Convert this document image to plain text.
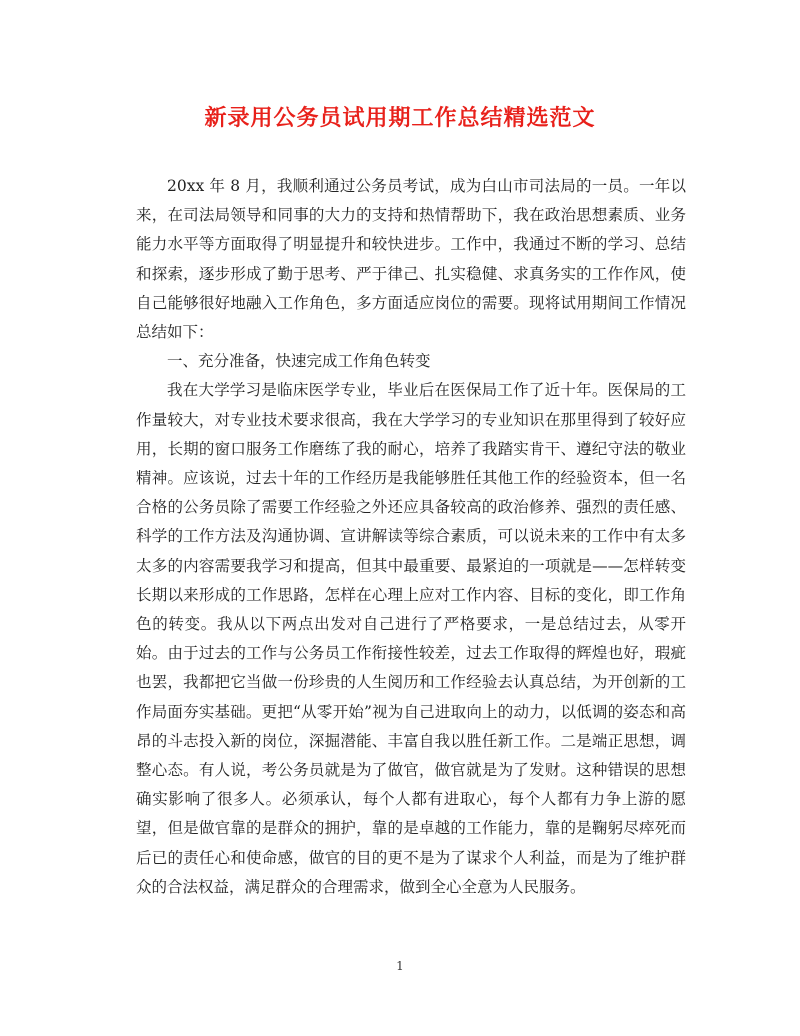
新录用公务员试用期工作总结精选范文

20xx 年 8 月，我顺利通过公务员考试，成为白山市司法局的一员。一年以来，在司法局领导和同事的大力的支持和热情帮助下，我在政治思想素质、业务能力水平等方面取得了明显提升和较快进步。工作中，我通过不断的学习、总结和探索，逐步形成了勤于思考、严于律己、扎实稳健、求真务实的工作作风，使自己能够很好地融入工作角色，多方面适应岗位的需要。现将试用期间工作情况总结如下：

一、充分准备，快速完成工作角色转变

我在大学学习是临床医学专业，毕业后在医保局工作了近十年。医保局的工作量较大，对专业技术要求很高，我在大学学习的专业知识在那里得到了较好应用，长期的窗口服务工作磨练了我的耐心，培养了我踏实肯干、遵纪守法的敬业精神。应该说，过去十年的工作经历是我能够胜任其他工作的经验资本，但一名合格的公务员除了需要工作经验之外还应具备较高的政治修养、强烈的责任感、科学的工作方法及沟通协调、宣讲解读等综合素质，可以说未来的工作中有太多太多的内容需要我学习和提高，但其中最重要、最紧迫的一项就是——怎样转变长期以来形成的工作思路，怎样在心理上应对工作内容、目标的变化，即工作角色的转变。我从以下两点出发对自己进行了严格要求，一是总结过去，从零开始。由于过去的工作与公务员工作衔接性较差，过去工作取得的辉煌也好，瑕疵也罢，我都把它当做一份珍贵的人生阅历和工作经验去认真总结，为开创新的工作局面夯实基础。更把“从零开始”视为自己进取向上的动力，以低调的姿态和高昂的斗志投入新的岗位，深掘潜能、丰富自我以胜任新工作。二是端正思想，调整心态。有人说，考公务员就是为了做官，做官就是为了发财。这种错误的思想确实影响了很多人。必须承认，每个人都有进取心，每个人都有力争上游的愿望，但是做官靠的是群众的拥护，靠的是卓越的工作能力，靠的是鞠躬尽瘁死而后已的责任心和使命感，做官的目的更不是为了谋求个人利益，而是为了维护群众的合法权益，满足群众的合理需求，做到全心全意为人民服务。

1
